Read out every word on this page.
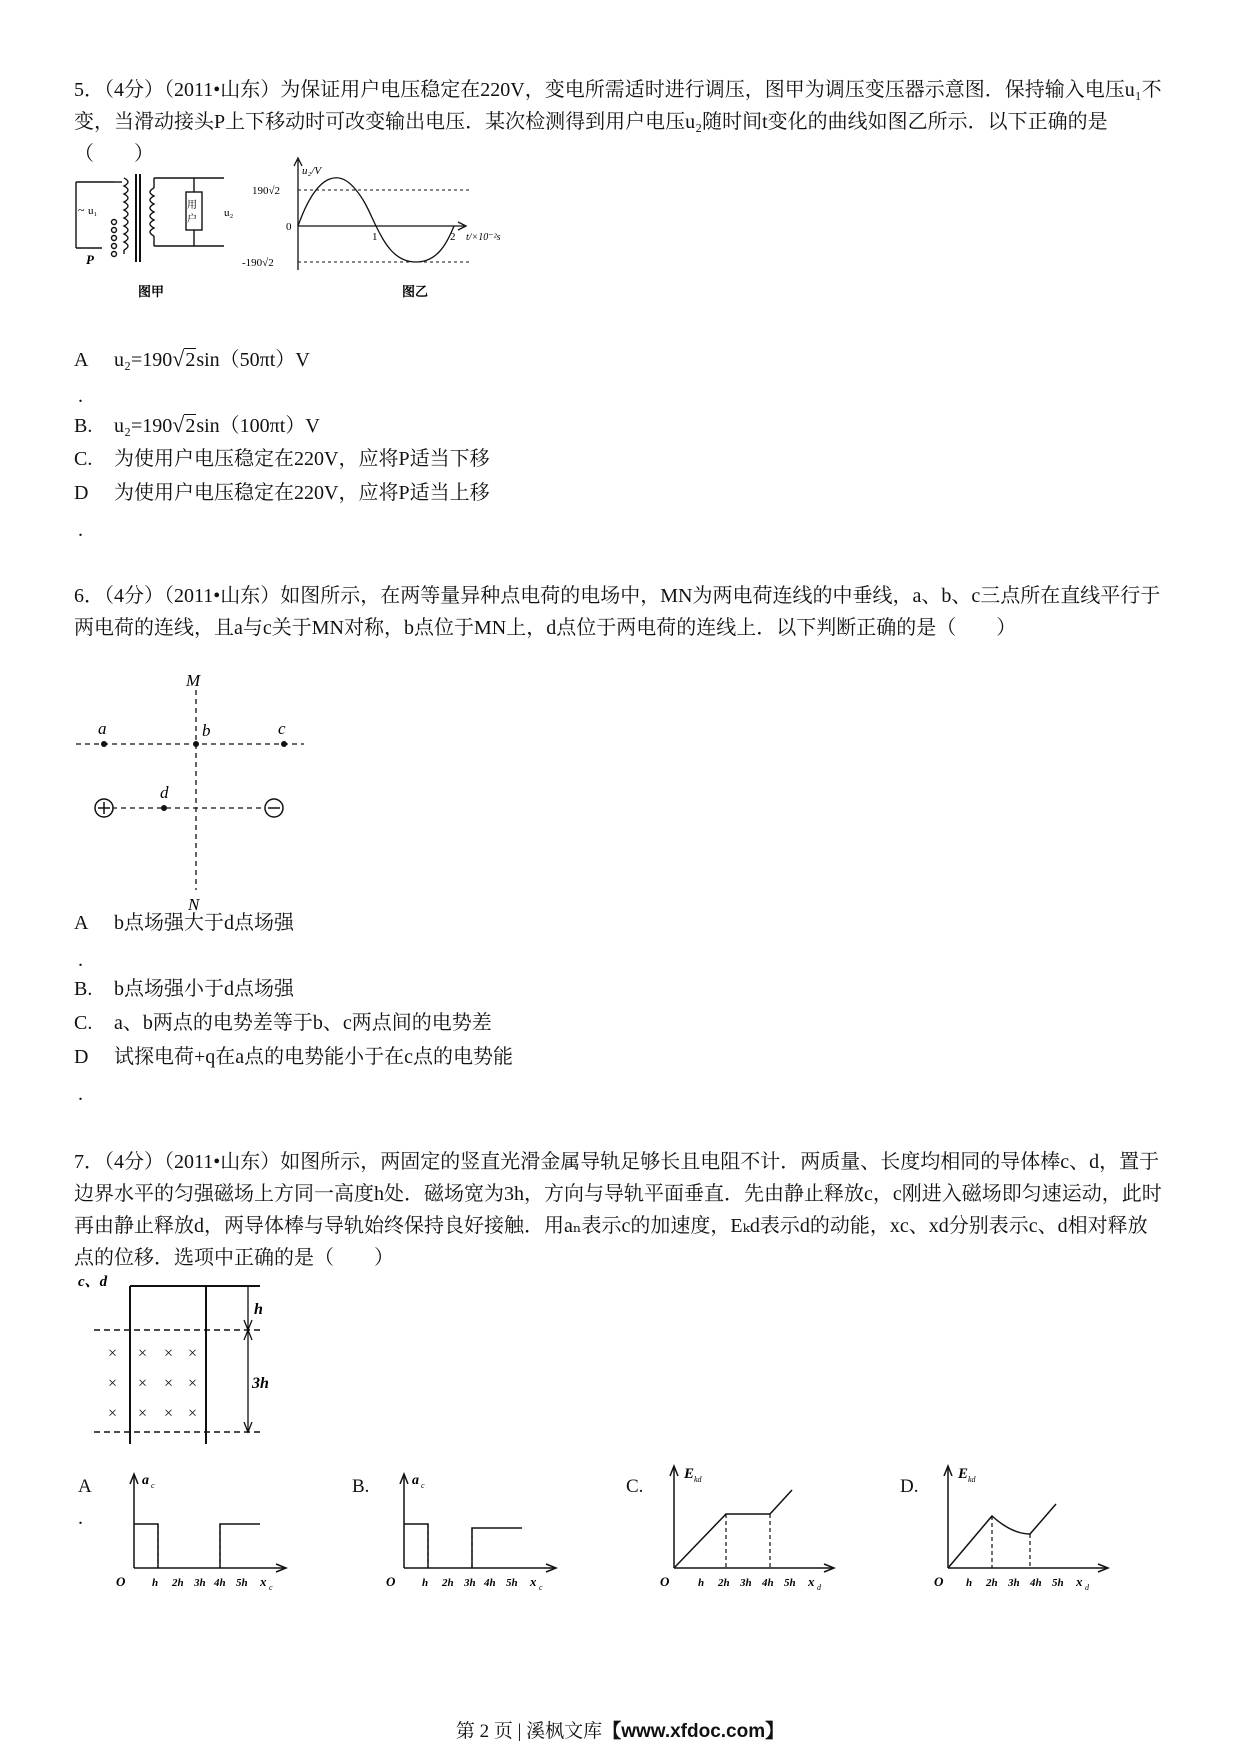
5．（4分）（2011•山东）为保证用户电压稳定在220V，变电所需适时进行调压，图甲为调压变压器示意图．保持输入电压u₁不变，当滑动接头P上下移动时可改变输出电压．某次检测得到用户电压u₂随时间t变化的曲线如图乙所示．以下正确的是（　　）
~ u₁	u₂
用
户
P
图甲
u₂/V
190√2
-190√2
0
1	2 t/×10⁻²s
图乙
A u₂=190√2sin（50πt）V
.
B. u₂=190√2sin（100πt）V
C. 为使用户电压稳定在220V，应将P适当下移
D 为使用户电压稳定在220V，应将P适当上移
.
6．（4分）（2011•山东）如图所示，在两等量异种点电荷的电场中，MN为两电荷连线的中垂线，a、b、c三点所在直线平行于两电荷的连线，且a与c关于MN对称，b点位于MN上，d点位于两电荷的连线上．以下判断正确的是（　　）
M
N
a	b	c
d
A b点场强大于d点场强
.
B. b点场强小于d点场强
C. a、b两点的电势差等于b、c两点间的电势差
D 试探电荷+q在a点的电势能小于在c点的电势能
.
7．（4分）（2011•山东）如图所示，两固定的竖直光滑金属导轨足够长且电阻不计．两质量、长度均相同的导体棒c、d，置于边界水平的匀强磁场上方同一高度h处．磁场宽为3h，方向与导轨平面垂直．先由静止释放c，c刚进入磁场即匀速运动，此时再由静止释放d，两导体棒与导轨始终保持良好接触．用aₙ表示c的加速度，Eₖd表示d的动能，xc、xd分别表示c、d相对释放点的位移．选项中正确的是（　　）
c、d
h
3h
× × × ×
× × × ×
× × × ×
A
.
B.	C.	D.
a c
O h 2h 3h 4h 5h x c
a c
O h 2h 3h 4h 5h x c
E kd
O	h 2h 3h 4h 5h x d
E kd
O h 2h 3h 4h 5h x d
第 2 页 | 溪枫文库【www.xfdoc.com】
